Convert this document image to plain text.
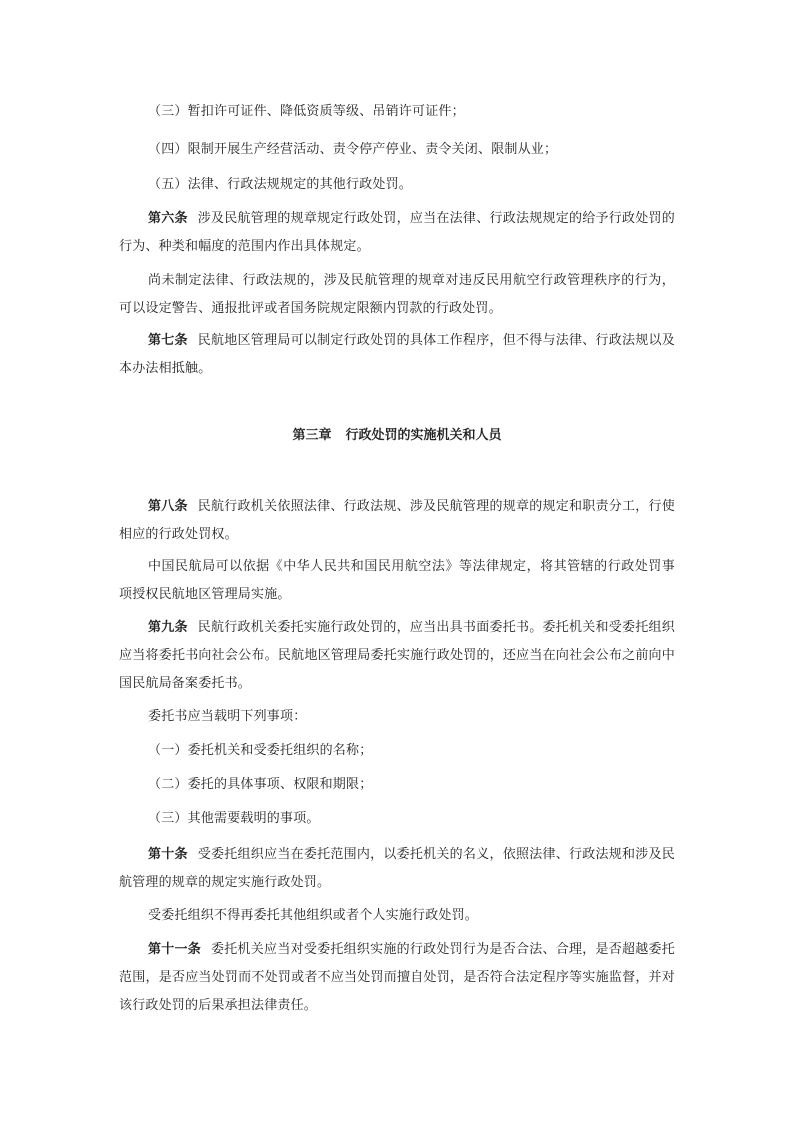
（三）暂扣许可证件、降低资质等级、吊销许可证件；

（四）限制开展生产经营活动、责令停产停业、责令关闭、限制从业；

（五）法律、行政法规规定的其他行政处罚。

第六条 涉及民航管理的规章规定行政处罚，应当在法律、行政法规规定的给予行政处罚的行为、种类和幅度的范围内作出具体规定。

尚未制定法律、行政法规的，涉及民航管理的规章对违反民用航空行政管理秩序的行为，可以设定警告、通报批评或者国务院规定限额内罚款的行政处罚。

第七条 民航地区管理局可以制定行政处罚的具体工作程序，但不得与法律、行政法规以及本办法相抵触。

第三章 行政处罚的实施机关和人员

第八条 民航行政机关依照法律、行政法规、涉及民航管理的规章的规定和职责分工，行使相应的行政处罚权。

中国民航局可以依据《中华人民共和国民用航空法》等法律规定，将其管辖的行政处罚事项授权民航地区管理局实施。

第九条 民航行政机关委托实施行政处罚的，应当出具书面委托书。委托机关和受委托组织应当将委托书向社会公布。民航地区管理局委托实施行政处罚的，还应当在向社会公布之前向中国民航局备案委托书。

委托书应当载明下列事项：

（一）委托机关和受委托组织的名称；

（二）委托的具体事项、权限和期限；

（三）其他需要载明的事项。

第十条 受委托组织应当在委托范围内，以委托机关的名义，依照法律、行政法规和涉及民航管理的规章的规定实施行政处罚。

受委托组织不得再委托其他组织或者个人实施行政处罚。

第十一条 委托机关应当对受委托组织实施的行政处罚行为是否合法、合理，是否超越委托范围，是否应当处罚而不处罚或者不应当处罚而擅自处罚，是否符合法定程序等实施监督，并对该行政处罚的后果承担法律责任。
